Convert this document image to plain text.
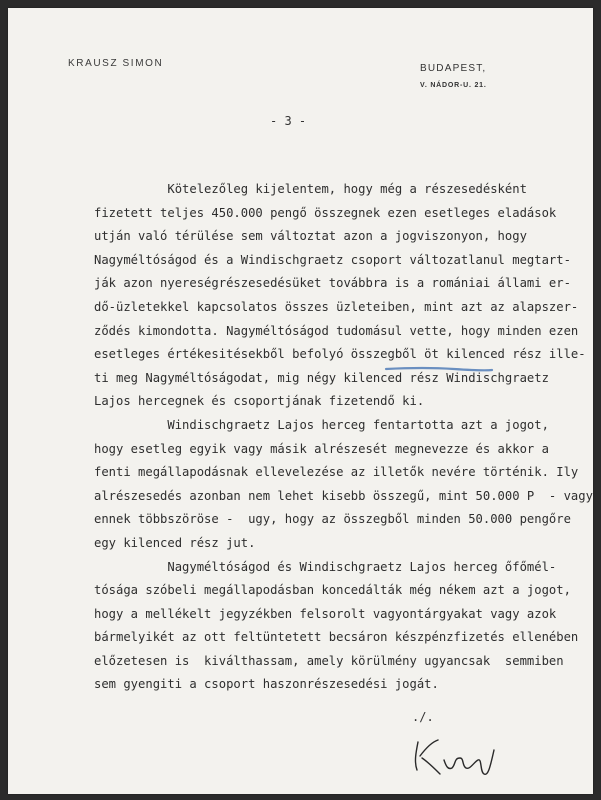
KRAUSZ SIMON	BUDAPEST,
V. NÁDOR-U. 21.
- 3 -
Kötelezőleg kijelentem, hogy még a részesedésként
fizetett teljes 450.000 pengő összegnek ezen esetleges eladások
utján való térülése sem változtat azon a jogviszonyon, hogy
Nagyméltóságod és a Windischgraetz csoport változatlanul megtart-
ják azon nyereségrészesedésüket továbbra is a romániai állami er-
dő-üzletekkel kapcsolatos összes üzleteiben, mint azt az alapszer-
ződés kimondotta. Nagyméltóságod tudomásul vette, hogy minden ezen
esetleges értékesitésekből befolyó összegből öt kilenced rész ille-
ti meg Nagyméltóságodat, mig négy kilenced rész Windischgraetz
Lajos hercegnek és csoportjának fizetendő ki.
Windischgraetz Lajos herceg fentartotta azt a jogot,
hogy esetleg egyik vagy másik alrészesét megnevezze és akkor a
fenti megállapodásnak ellevelezése az illetők nevére történik. Ily
alrészesedés azonban nem lehet kisebb összegű, mint 50.000 P  - vagy
ennek többszöröse -  ugy, hogy az összegből minden 50.000 pengőre
egy kilenced rész jut.
Nagyméltóságod és Windischgraetz Lajos herceg őfőmél-
tósága szóbeli megállapodásban koncedálták még nékem azt a jogot,
hogy a mellékelt jegyzékben felsorolt vagyontárgyakat vagy azok
bármelyikét az ott feltüntetett becsáron készpénzfizetés ellenében
előzetesen is  kiválthassam, amely körülmény ugyancsak  semmiben
sem gyengiti a csoport haszonrészesedési jogát.
./.
